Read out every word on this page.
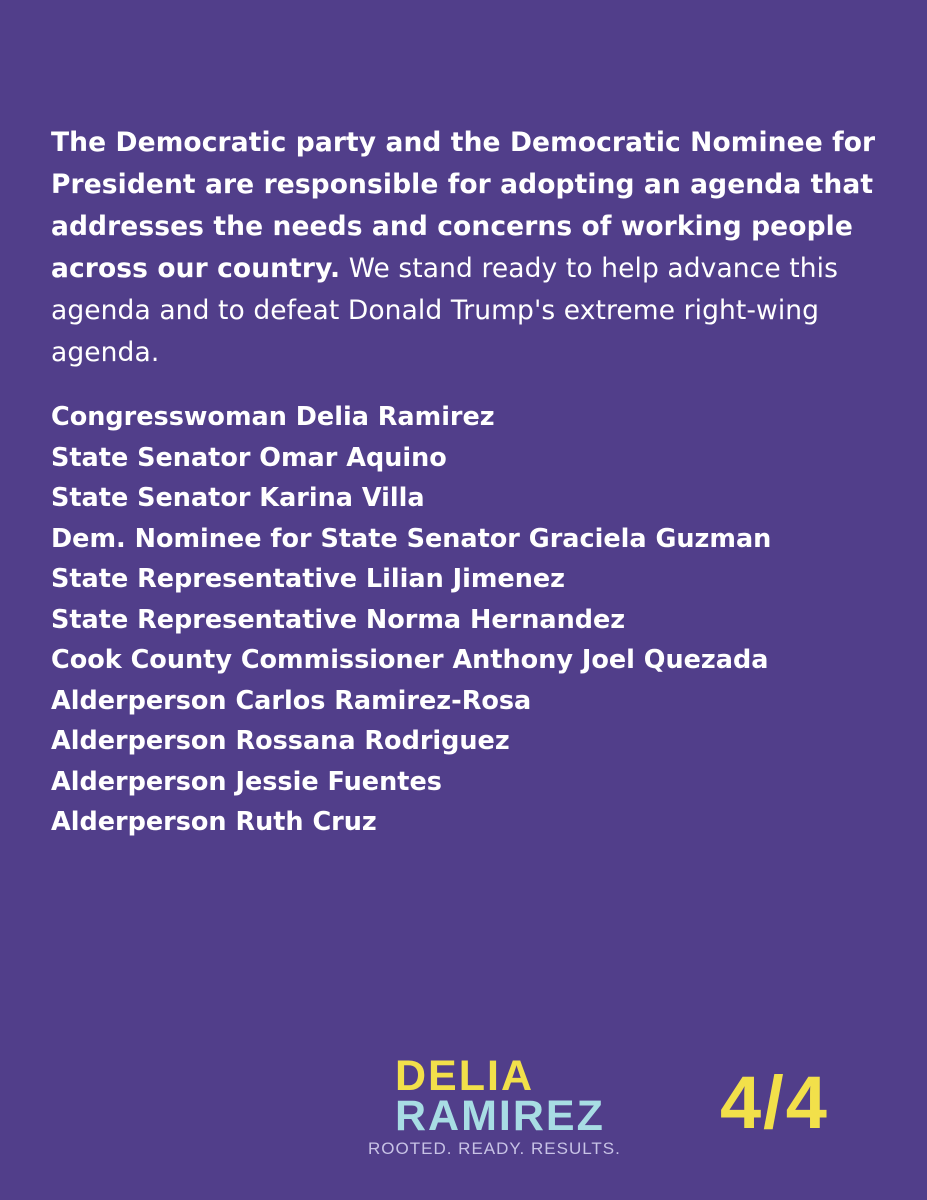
The Democratic party and the Democratic Nominee for President are responsible for adopting an agenda that addresses the needs and concerns of working people across our country. We stand ready to help advance this agenda and to defeat Donald Trump's extreme right-wing agenda.

Congresswoman Delia Ramirez
State Senator Omar Aquino
State Senator Karina Villa
Dem. Nominee for State Senator Graciela Guzman
State Representative Lilian Jimenez
State Representative Norma Hernandez
Cook County Commissioner Anthony Joel Quezada
Alderperson Carlos Ramirez-Rosa
Alderperson Rossana Rodriguez
Alderperson Jessie Fuentes
Alderperson Ruth Cruz
DELIA
RAMIREZ
ROOTED. READY. RESULTS.
4/4
